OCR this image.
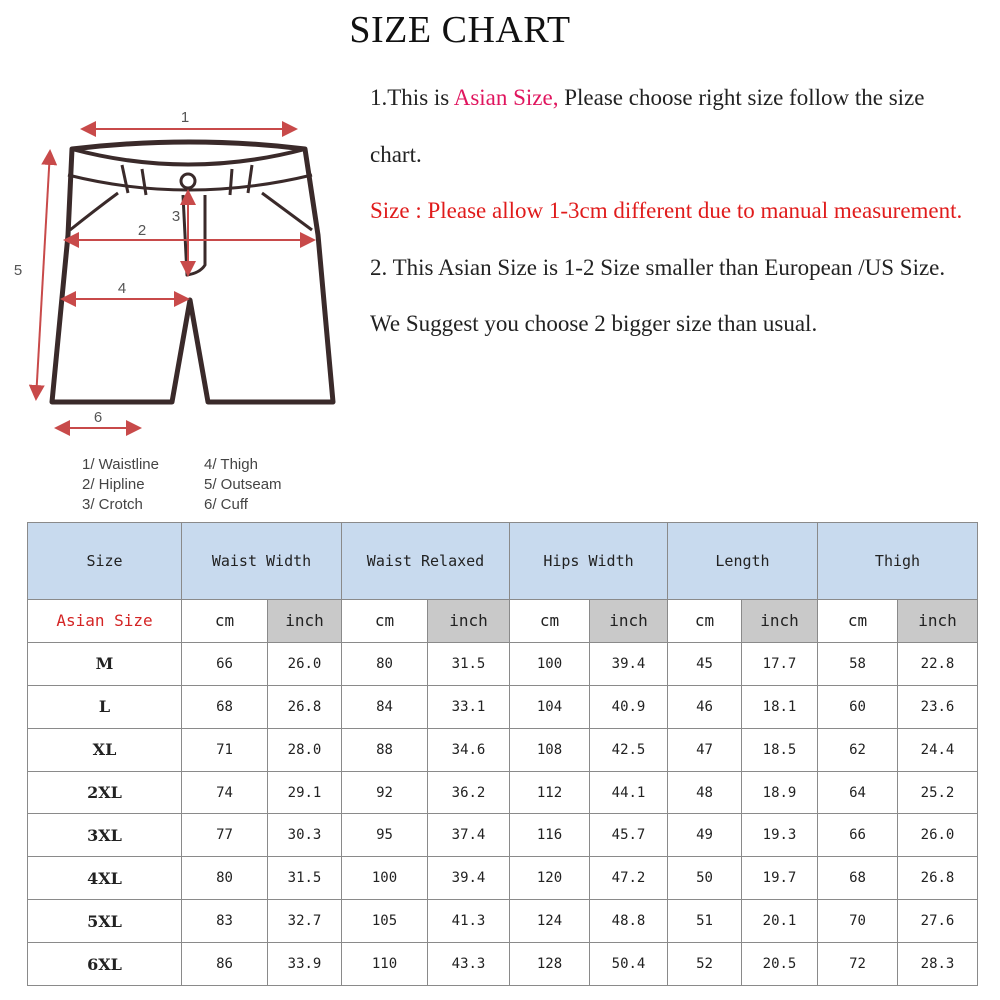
SIZE CHART

1.This is Asian Size, Please choose right size follow the size chart.

Size : Please allow 1-3cm different due to manual measurement.

2. This Asian Size is 1-2 Size smaller than European /US Size. We Suggest you choose 2 bigger size than usual.

1
2
3
4
5
6
1/ Waistline
2/ Hipline
3/ Crotch
4/ Thigh
5/ Outseam
6/ Cuff
Size	Waist Width		Waist Relaxed		Hips Width		Length		Thigh	
Asian Size	cm	inch	cm	inch	cm	inch	cm	inch	cm	inch
M	66	26.0	80	31.5	100	39.4	45	17.7	58	22.8
L	68	26.8	84	33.1	104	40.9	46	18.1	60	23.6
XL	71	28.0	88	34.6	108	42.5	47	18.5	62	24.4
2XL	74	29.1	92	36.2	112	44.1	48	18.9	64	25.2
3XL	77	30.3	95	37.4	116	45.7	49	19.3	66	26.0
4XL	80	31.5	100	39.4	120	47.2	50	19.7	68	26.8
5XL	83	32.7	105	41.3	124	48.8	51	20.1	70	27.6
6XL	86	33.9	110	43.3	128	50.4	52	20.5	72	28.3
